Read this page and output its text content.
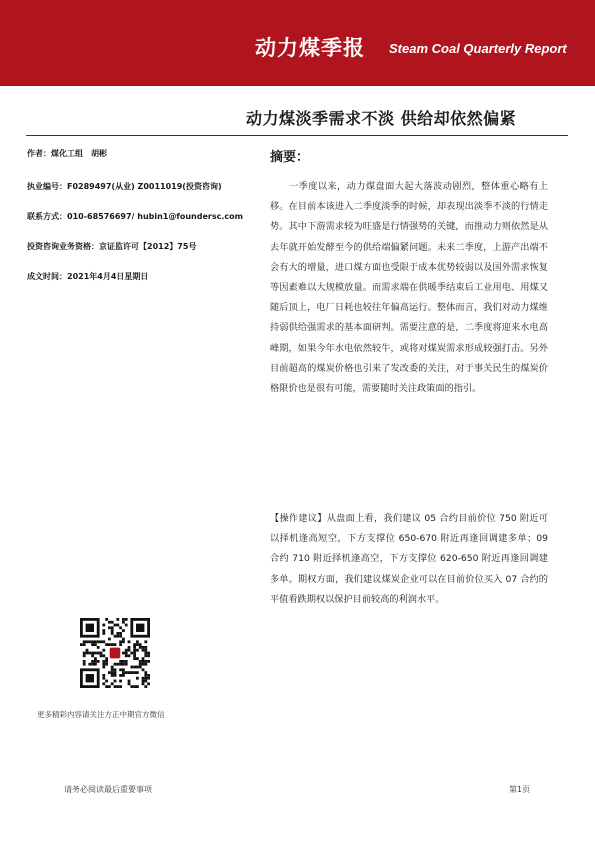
动力煤季报 Steam Coal Quarterly Report
动力煤淡季需求不淡 供给却依然偏紧
作者：煤化工组　胡彬
执业编号：F0289497(从业) Z0011019(投资咨询)
联系方式：010-68576697/ hubin1@foundersc.com
投资咨询业务资格：京证监许可【2012】75号
成文时间：2021年4月4日星期日
摘要：
一季度以来，动力煤盘面大起大落波动剧烈，整体重心略有上移。在目前本该进入二季度淡季的时候，却表现出淡季不淡的行情走势。其中下游需求较为旺盛是行情强势的关键，而推动力则依然是从去年就开始发酵至今的供给端偏紧问题。未来二季度，上游产出端不会有大的增量，进口煤方面也受限于成本优势较弱以及国外需求恢复等因素难以大规模放量。而需求端在供暖季结束后工业用电、用煤又随后顶上，电厂日耗也较往年偏高运行。整体而言，我们对动力煤维持弱供给强需求的基本面研判。需要注意的是，二季度将迎来水电高峰期，如果今年水电依然较牛，或将对煤炭需求形成较强打击。另外目前超高的煤炭价格也引来了发改委的关注，对于事关民生的煤炭价格限价也是很有可能，需要随时关注政策面的指引。
【操作建议】从盘面上看，我们建议 05 合约目前价位 750 附近可以择机逢高短空，下方支撑位 650-670 附近再逢回调建多单；09 合约 710 附近择机逢高空，下方支撑位 620-650 附近再逢回调建多单。期权方面，我们建议煤炭企业可以在目前价位买入 07 合约的平值看跌期权以保护目前较高的利润水平。
更多精彩内容请关注方正中期官方微信
请务必阅读最后重要事项	第1页
